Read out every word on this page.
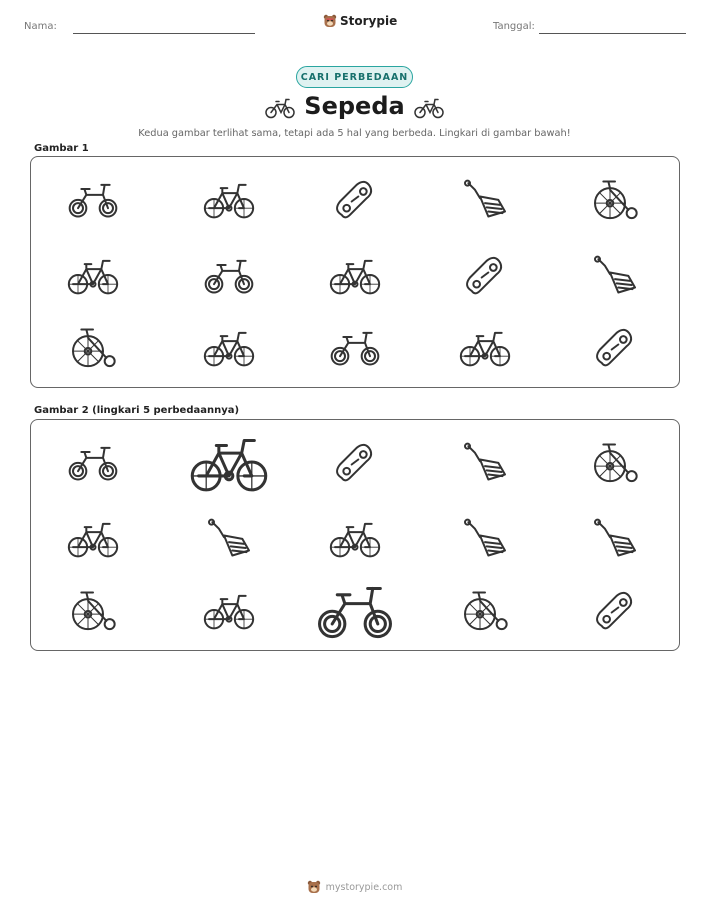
Nama:	Storypie	Tanggal:
CARI PERBEDAAN
Sepeda
Kedua gambar terlihat sama, tetapi ada 5 hal yang berbeda. Lingkari di gambar bawah!
Gambar 1
Gambar 2 (lingkari 5 perbedaannya)
mystorypie.com
